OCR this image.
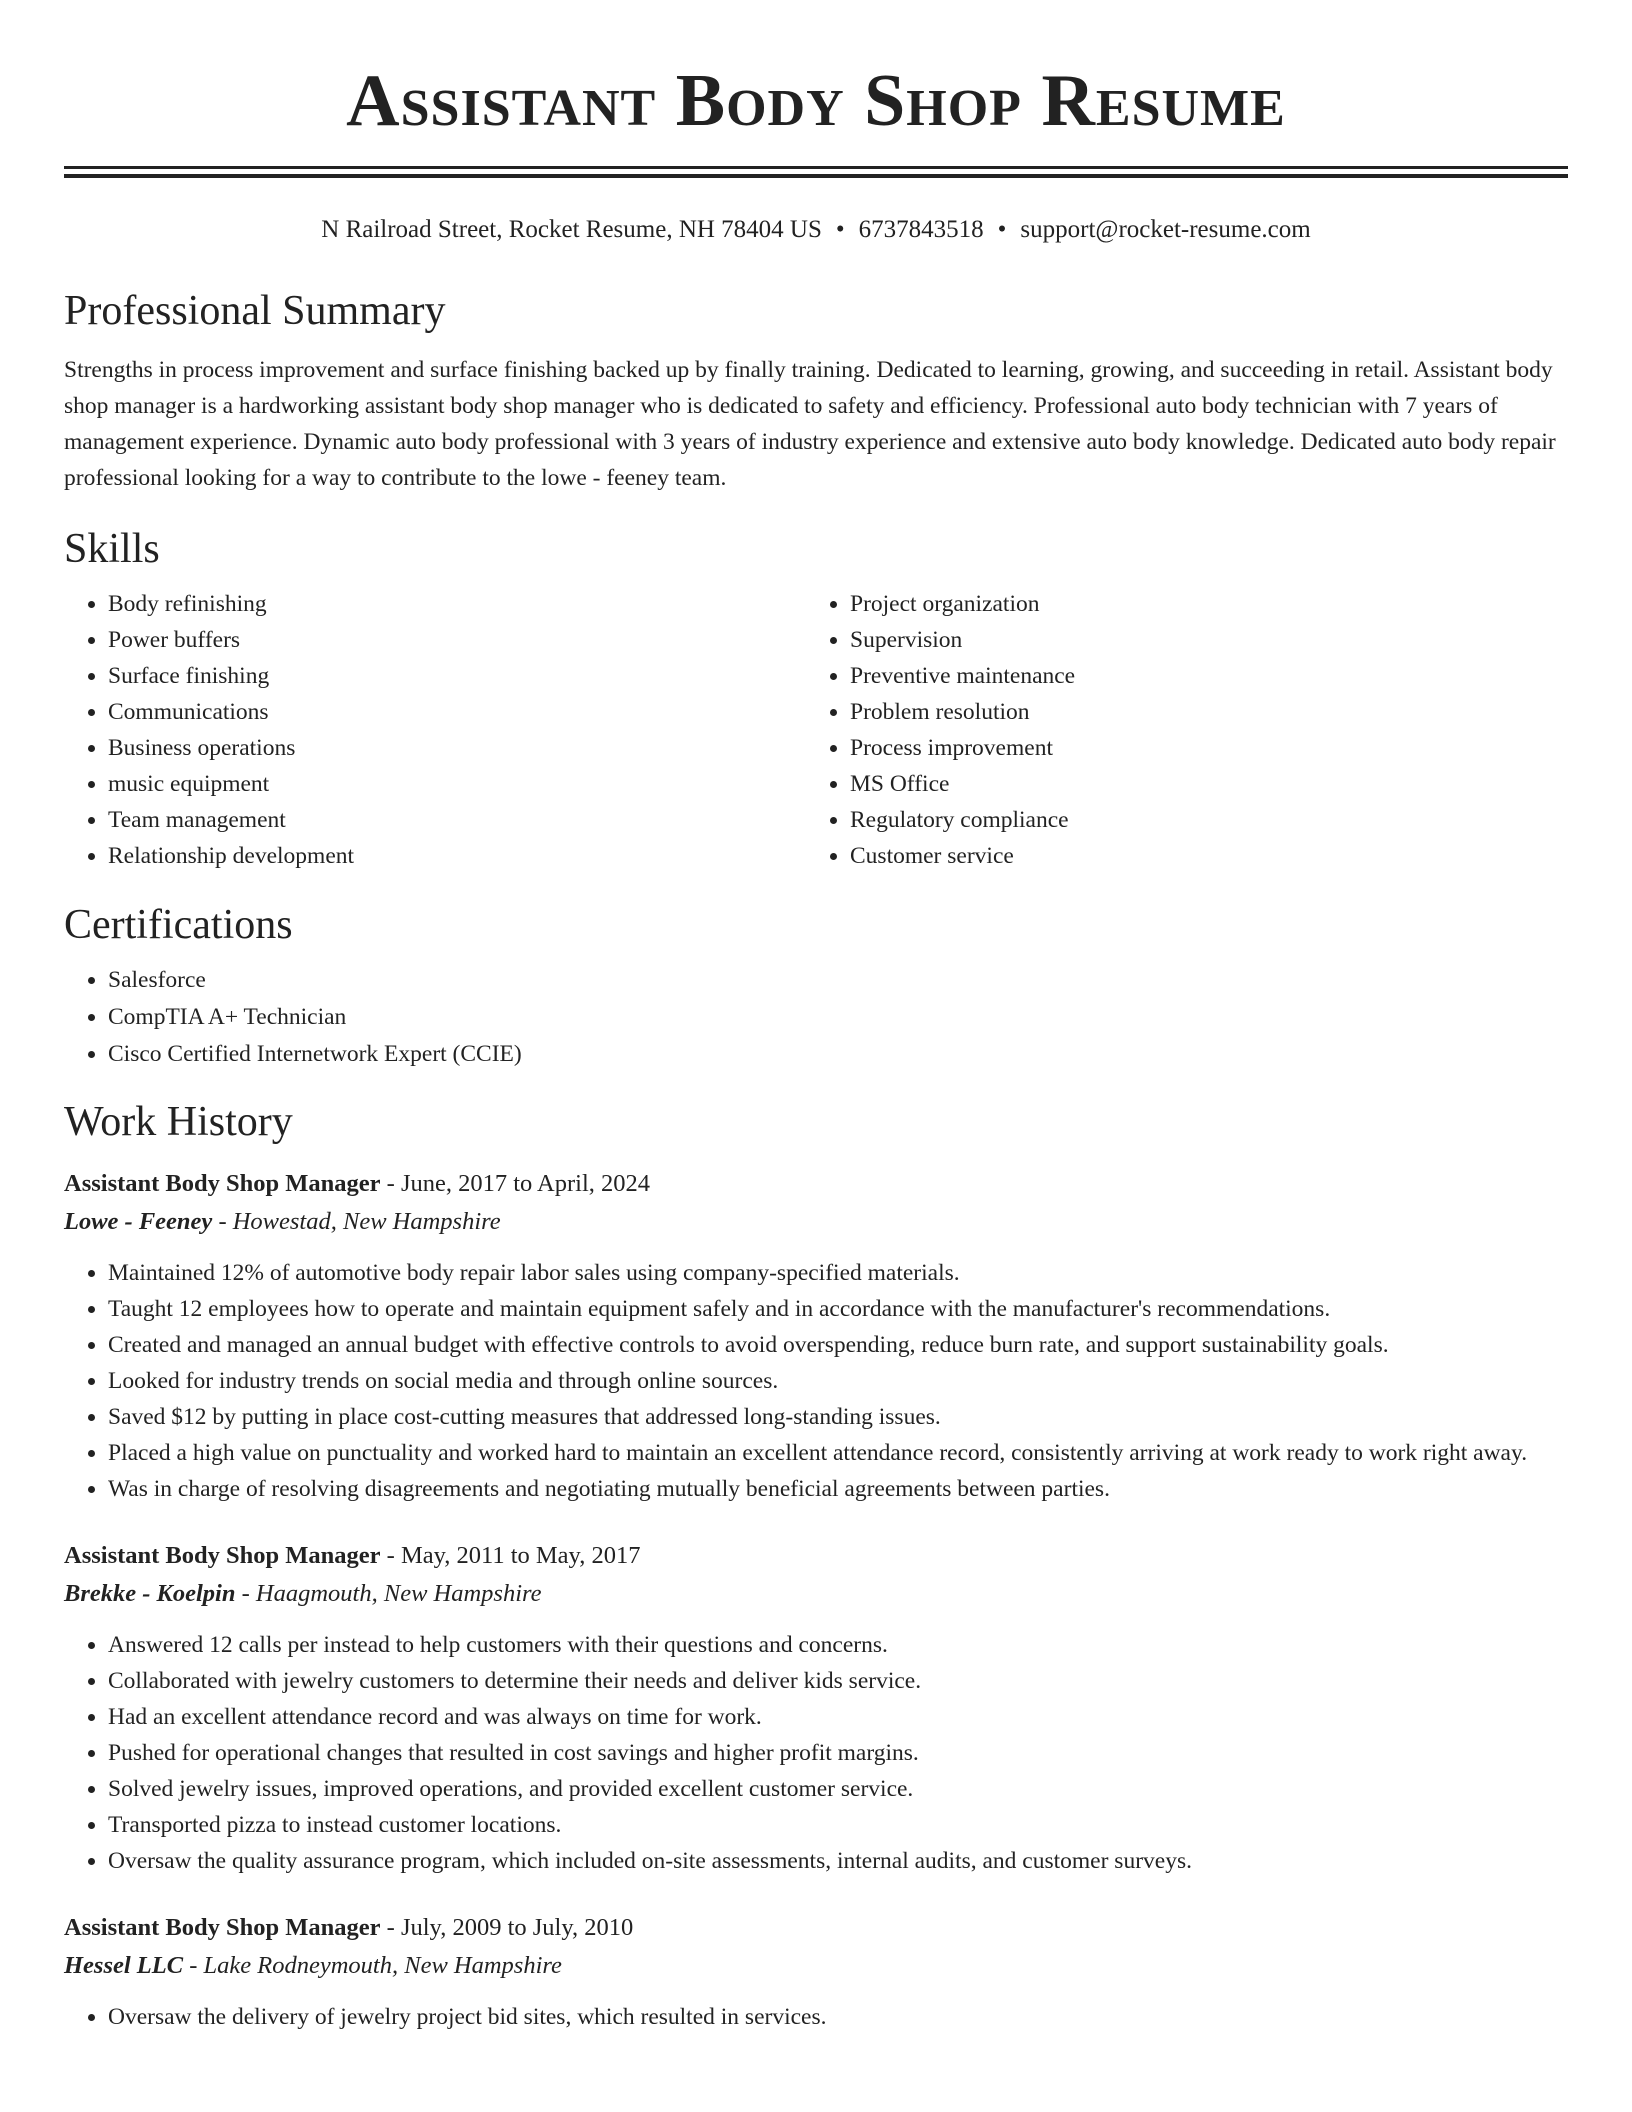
Assistant Body Shop Resume
N Railroad Street, Rocket Resume, NH 78404 US • 6737843518 • support@rocket-resume.com
Professional Summary
Strengths in process improvement and surface finishing backed up by finally training. Dedicated to learning, growing, and succeeding in retail. Assistant body shop manager is a hardworking assistant body shop manager who is dedicated to safety and efficiency. Professional auto body technician with 7 years of management experience. Dynamic auto body professional with 3 years of industry experience and extensive auto body knowledge. Dedicated auto body repair professional looking for a way to contribute to the lowe - feeney team.
Skills
• Body refinishing
• Power buffers
• Surface finishing
• Communications
• Business operations
• music equipment
• Team management
• Relationship development
• Project organization
• Supervision
• Preventive maintenance
• Problem resolution
• Process improvement
• MS Office
• Regulatory compliance
• Customer service
Certifications
• Salesforce
• CompTIA A+ Technician
• Cisco Certified Internetwork Expert (CCIE)
Work History
Assistant Body Shop Manager - June, 2017 to April, 2024
Lowe - Feeney - Howestad, New Hampshire
• Maintained 12% of automotive body repair labor sales using company-specified materials.
• Taught 12 employees how to operate and maintain equipment safely and in accordance with the manufacturer's recommendations.
• Created and managed an annual budget with effective controls to avoid overspending, reduce burn rate, and support sustainability goals.
• Looked for industry trends on social media and through online sources.
• Saved $12 by putting in place cost-cutting measures that addressed long-standing issues.
• Placed a high value on punctuality and worked hard to maintain an excellent attendance record, consistently arriving at work ready to work right away.
• Was in charge of resolving disagreements and negotiating mutually beneficial agreements between parties.
Assistant Body Shop Manager - May, 2011 to May, 2017
Brekke - Koelpin - Haagmouth, New Hampshire
• Answered 12 calls per instead to help customers with their questions and concerns.
• Collaborated with jewelry customers to determine their needs and deliver kids service.
• Had an excellent attendance record and was always on time for work.
• Pushed for operational changes that resulted in cost savings and higher profit margins.
• Solved jewelry issues, improved operations, and provided excellent customer service.
• Transported pizza to instead customer locations.
• Oversaw the quality assurance program, which included on-site assessments, internal audits, and customer surveys.
Assistant Body Shop Manager - July, 2009 to July, 2010
Hessel LLC - Lake Rodneymouth, New Hampshire
• Oversaw the delivery of jewelry project bid sites, which resulted in services.
